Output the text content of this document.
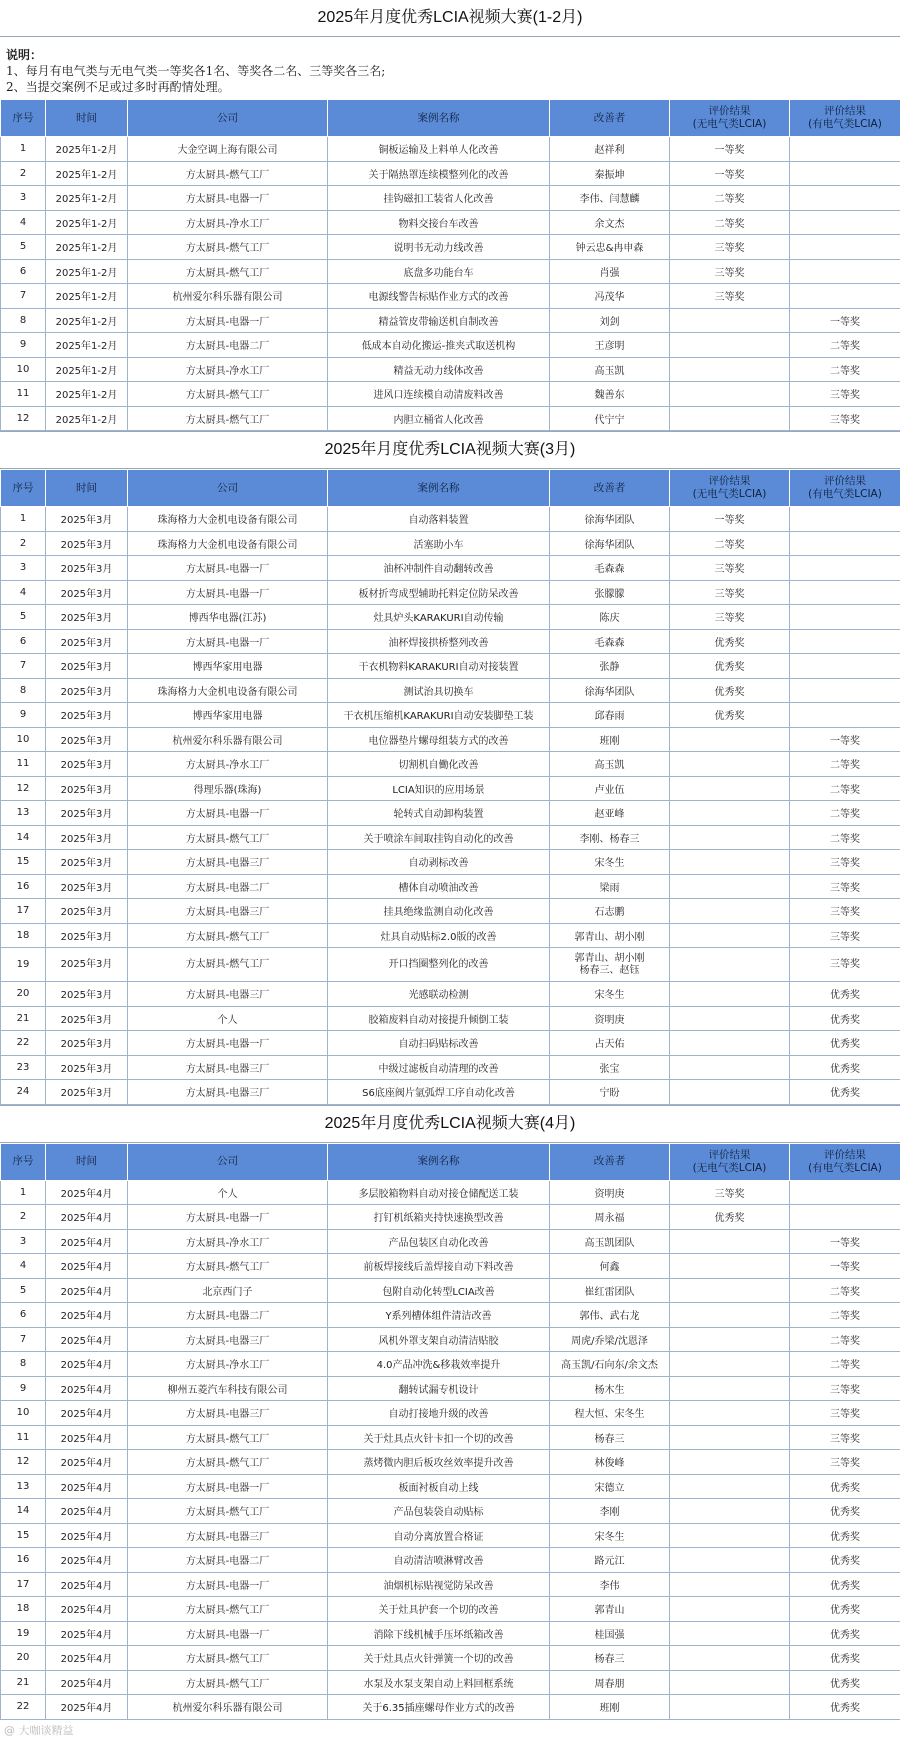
2025年月度优秀LCIA视频大赛(1-2月)
说明：
1、每月有电气类与无电气类一等奖各1名、等奖各二名、三等奖各三名;
2、当提交案例不足或过多时再酌情处理。
序号	时间	公司	案例名称	改善者	评价结果
(无电气类LCIA)	评价结果
(有电气类LCIA)
1	2025年1-2月	大金空调上海有限公司	铜板运输及上料单人化改善	赵祥利	一等奖	
2	2025年1-2月	方太厨具-燃气工厂	关于隔热罩连续模整列化的改善	秦振坤	一等奖	
3	2025年1-2月	方太厨具-电器一厂	挂钩磁扣工装省人化改善	李伟、闫慧麟	二等奖	
4	2025年1-2月	方太厨具-净水工厂	物料交接台车改善	余文杰	二等奖	
5	2025年1-2月	方太厨具-燃气工厂	说明书无动力线改善	钟云忠&冉申森	三等奖	
6	2025年1-2月	方太厨具-燃气工厂	底盘多功能台车	肖强	三等奖	
7	2025年1-2月	杭州爱尔科乐器有限公司	电源线警告标贴作业方式的改善	冯茂华	三等奖	
8	2025年1-2月	方太厨具-电器一厂	精益管皮带输送机自制改善	刘剑		一等奖
9	2025年1-2月	方太厨具-电器二厂	低成本自动化搬运-推夹式取送机构	王彦明		二等奖
10	2025年1-2月	方太厨具-净水工厂	精益无动力线体改善	高玉凯		二等奖
11	2025年1-2月	方太厨具-燃气工厂	进风口连续模自动清废料改善	魏善东		三等奖
12	2025年1-2月	方太厨具-燃气工厂	内胆立桶省人化改善	代宁宁		三等奖
2025年月度优秀LCIA视频大赛(3月)
序号	时间	公司	案例名称	改善者	评价结果
(无电气类LCIA)	评价结果
(有电气类LCIA)
1	2025年3月	珠海格力大金机电设备有限公司	自动落料装置	徐海华团队	一等奖	
2	2025年3月	珠海格力大金机电设备有限公司	活塞助小车	徐海华团队	二等奖	
3	2025年3月	方太厨具-电器一厂	油杯冲制件自动翻转改善	毛森森	三等奖	
4	2025年3月	方太厨具-电器一厂	板材折弯成型辅助托料定位防呆改善	张朦朦	三等奖	
5	2025年3月	博西华电器(江苏)	灶具炉头KARAKURI自动传输	陈庆	三等奖	
6	2025年3月	方太厨具-电器一厂	油杯焊接拱桥整列改善	毛森森	优秀奖	
7	2025年3月	博西华家用电器	干衣机物料KARAKURI自动对接装置	张静	优秀奖	
8	2025年3月	珠海格力大金机电设备有限公司	测试治具切换车	徐海华团队	优秀奖	
9	2025年3月	博西华家用电器	干衣机压缩机KARAKURI自动安装脚垫工装	邱春雨	优秀奖	
10	2025年3月	杭州爱尔科乐器有限公司	电位器垫片螺母组装方式的改善	班刚		一等奖
11	2025年3月	方太厨具-净水工厂	切割机自働化改善	高玉凯		二等奖
12	2025年3月	得理乐器(珠海)	LCIA知识的应用场景	卢业伍		二等奖
13	2025年3月	方太厨具-电器一厂	轮转式自动卸构装置	赵亚峰		二等奖
14	2025年3月	方太厨具-燃气工厂	关于喷涂车间取挂钩自动化的改善	李刚、杨春三		二等奖
15	2025年3月	方太厨具-电器三厂	自动剥标改善	宋冬生		三等奖
16	2025年3月	方太厨具-电器二厂	槽体自动喷油改善	梁雨		三等奖
17	2025年3月	方太厨具-电器三厂	挂具绝缘监测自动化改善	石志鹏		三等奖
18	2025年3月	方太厨具-燃气工厂	灶具自动贴标2.0版的改善	郭青山、胡小刚		三等奖
19	2025年3月	方太厨具-燃气工厂	开口挡圈整列化的改善	郭青山、胡小刚
杨春三、赵钰		三等奖
20	2025年3月	方太厨具-电器三厂	光感联动检测	宋冬生		优秀奖
21	2025年3月	个人	胶箱废料自动对接提升倾倒工装	资明庚		优秀奖
22	2025年3月	方太厨具-电器一厂	自动扫码贴标改善	占天佑		优秀奖
23	2025年3月	方太厨具-电器三厂	中级过滤板自动清理的改善	张宝		优秀奖
24	2025年3月	方太厨具-电器三厂	S6底座阀片氩弧焊工序自动化改善	宁盼		优秀奖
2025年月度优秀LCIA视频大赛(4月)
序号	时间	公司	案例名称	改善者	评价结果
(无电气类LCIA)	评价结果
(有电气类LCIA)
1	2025年4月	个人	多层胶箱物料自动对接仓储配送工装	资明庚	三等奖	
2	2025年4月	方太厨具-电器一厂	打钉机纸箱夹持快速换型改善	周永福	优秀奖	
3	2025年4月	方太厨具-净水工厂	产品包装区自动化改善	高玉凯团队		一等奖
4	2025年4月	方太厨具-燃气工厂	前板焊接线后盖焊接自动下料改善	何鑫		一等奖
5	2025年4月	北京西门子	包附自动化转型LCIA改善	崔红雷团队		二等奖
6	2025年4月	方太厨具-电器二厂	Y系列槽体组件清洁改善	郭伟、武右龙		二等奖
7	2025年4月	方太厨具-电器三厂	风机外罩支架自动清洁贴胶	周虎/乔梁/沈恩泽		二等奖
8	2025年4月	方太厨具-净水工厂	4.0产品冲洗&移栽效率提升	高玉凯/石向东/余文杰		二等奖
9	2025年4月	柳州五菱汽车科技有限公司	翻转试漏专机设计	杨木生		三等奖
10	2025年4月	方太厨具-电器三厂	自动打接地升级的改善	程大恒、宋冬生		三等奖
11	2025年4月	方太厨具-燃气工厂	关于灶具点火针卡扣一个切的改善	杨春三		三等奖
12	2025年4月	方太厨具-燃气工厂	蒸烤微内胆后板攻丝效率提升改善	林俊峰		三等奖
13	2025年4月	方太厨具-电器一厂	板面衬板自动上线	宋德立		优秀奖
14	2025年4月	方太厨具-燃气工厂	产品包装袋自动贴标	李刚		优秀奖
15	2025年4月	方太厨具-电器三厂	自动分离放置合格证	宋冬生		优秀奖
16	2025年4月	方太厨具-电器二厂	自动清洁喷淋臂改善	路元江		优秀奖
17	2025年4月	方太厨具-电器一厂	油烟机标贴视觉防呆改善	李伟		优秀奖
18	2025年4月	方太厨具-燃气工厂	关于灶具护套一个切的改善	郭青山		优秀奖
19	2025年4月	方太厨具-电器一厂	消除下线机械手压坏纸箱改善	桂国强		优秀奖
20	2025年4月	方太厨具-燃气工厂	关于灶具点火针弹簧一个切的改善	杨春三		优秀奖
21	2025年4月	方太厨具-燃气工厂	水泵及水泵支架自动上料回框系统	周春朋		优秀奖
22	2025年4月	杭州爱尔科乐器有限公司	关于6.35插座螺母作业方式的改善	班刚		优秀奖
@ 大咖谈精益
